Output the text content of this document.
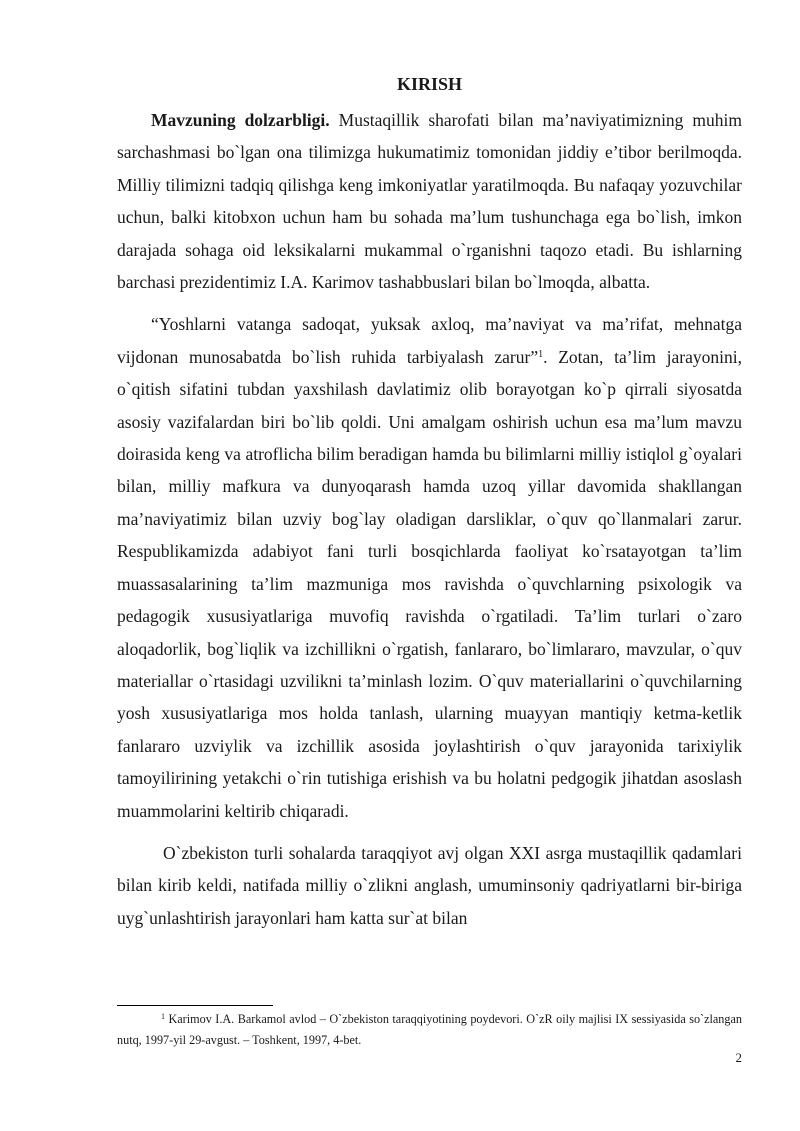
KIRISH

Mavzuning dolzarbligi. Mustaqillik sharofati bilan ma’naviyatimizning muhim sarchashmasi bo`lgan ona tilimizga hukumatimiz tomonidan jiddiy e’tibor berilmoqda. Milliy tilimizni tadqiq qilishga keng imkoniyatlar yaratilmoqda. Bu nafaqay yozuvchilar uchun, balki kitobxon uchun ham bu sohada ma’lum tushunchaga ega bo`lish, imkon darajada sohaga oid leksikalarni mukammal o`rganishni taqozo etadi. Bu ishlarning barchasi prezidentimiz I.A. Karimov tashabbuslari bilan bo`lmoqda, albatta.

“Yoshlarni vatanga sadoqat, yuksak axloq, ma’naviyat va ma’rifat, mehnatga vijdonan munosabatda bo`lish ruhida tarbiyalash zarur”$^1$. Zotan, ta’lim jarayonini, o`qitish sifatini tubdan yaxshilash davlatimiz olib borayotgan ko`p qirrali siyosatda asosiy vazifalardan biri bo`lib qoldi. Uni amalgam oshirish uchun esa ma’lum mavzu doirasida keng va atroflicha bilim beradigan hamda bu bilimlarni milliy istiqlol g`oyalari bilan, milliy mafkura va dunyoqarash hamda uzoq yillar davomida shakllangan ma’naviyatimiz bilan uzviy bog`lay oladigan darsliklar, o`quv qo`llanmalari zarur. Respublikamizda adabiyot fani turli bosqichlarda faoliyat ko`rsatayotgan ta’lim muassasalarining ta’lim mazmuniga mos ravishda o`quvchlarning psixologik va pedagogik xususiyatlariga muvofiq ravishda o`rgatiladi. Ta’lim turlari o`zaro aloqadorlik, bog`liqlik va izchillikni o`rgatish, fanlararo, bo`limlararo, mavzular, o`quv materiallar o`rtasidagi uzvilikni ta’minlash lozim. O`quv materiallarini o`quvchilarning yosh xususiyatlariga mos holda tanlash, ularning muayyan mantiqiy ketma-ketlik fanlararo uzviylik va izchillik asosida joylashtirish o`quv jarayonida tarixiylik tamoyilirining yetakchi o`rin tutishiga erishish va bu holatni pedgogik jihatdan asoslash muammolarini keltirib chiqaradi.

O`zbekiston turli sohalarda taraqqiyot avj olgan XXI asrga mustaqillik qadamlari bilan kirib keldi, natifada milliy o`zlikni anglash, umuminsoniy qadriyatlarni bir-biriga uyg`unlashtirish jarayonlari ham katta sur`at bilan

$^1$ Karimov I.A. Barkamol avlod – O`zbekiston taraqqiyotining poydevori. O`zR oily majlisi IX sessiyasida so`zlangan nutq, 1997-yil 29-avgust. – Toshkent, 1997, 4-bet.
2
